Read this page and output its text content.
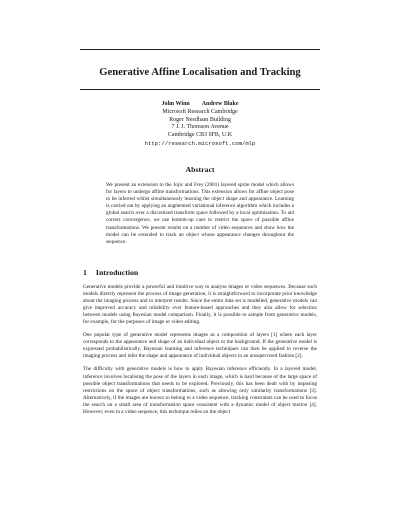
Generative Affine Localisation and Tracking
John Winn Andrew Blake
Microsoft Research Cambridge
Roger Needham Building
7 J. J. Thomson Avenue
Cambridge CB3 0FB, U.K
http://research.microsoft.com/mlp
Abstract

We present an extension to the Jojic and Frey (2001) layered sprite model which allows for layers to undergo affine transformations. This extension allows for affine object pose to be inferred whilst simultaneously learning the object shape and appearance. Learning is carried out by applying an augmented variational inference algorithm which includes a global search over a discretised transform space followed by a local optimisation. To aid correct convergence, we use bottom-up cues to restrict the space of possible affine transformations. We present results on a number of video sequences and show how the model can be extended to track an object whose appearance changes throughout the sequence.

1 Introduction

Generative models provide a powerful and intuitive way to analyse images or video sequences. Because such models directly represent the process of image generation, it is straightforward to incorporate prior knowledge about the imaging process and to interpret results. Since the entire data set is modelled, generative models can give improved accuracy and reliability over feature-based approaches and they also allow for selection between models using Bayesian model comparison. Finally, it is possible to sample from generative models, for example, for the purposes of image or video editing.

One popular type of generative model represents images as a composition of layers [1] where each layer corresponds to the appearance and shape of an individual object or the background. If the generative model is expressed probabilistically, Bayesian learning and inference techniques can then be applied to reverse the imaging process and infer the shape and appearance of individual objects in an unsupervised fashion [2].

The difficulty with generative models is how to apply Bayesian inference efficiently. In a layered model, inference involves localising the pose of the layers in each image, which is hard because of the large space of possible object transformations that needs to be explored. Previously, this has been dealt with by imposing restrictions on the space of object transformations, such as allowing only similarity transformations [3]. Alternatively, if the images are known to belong to a video sequence, tracking constraints can be used to focus the search on a small area of transformation space consistent with a dynamic model of object motion [4]. However, even in a video sequence, this technique relies on the object
